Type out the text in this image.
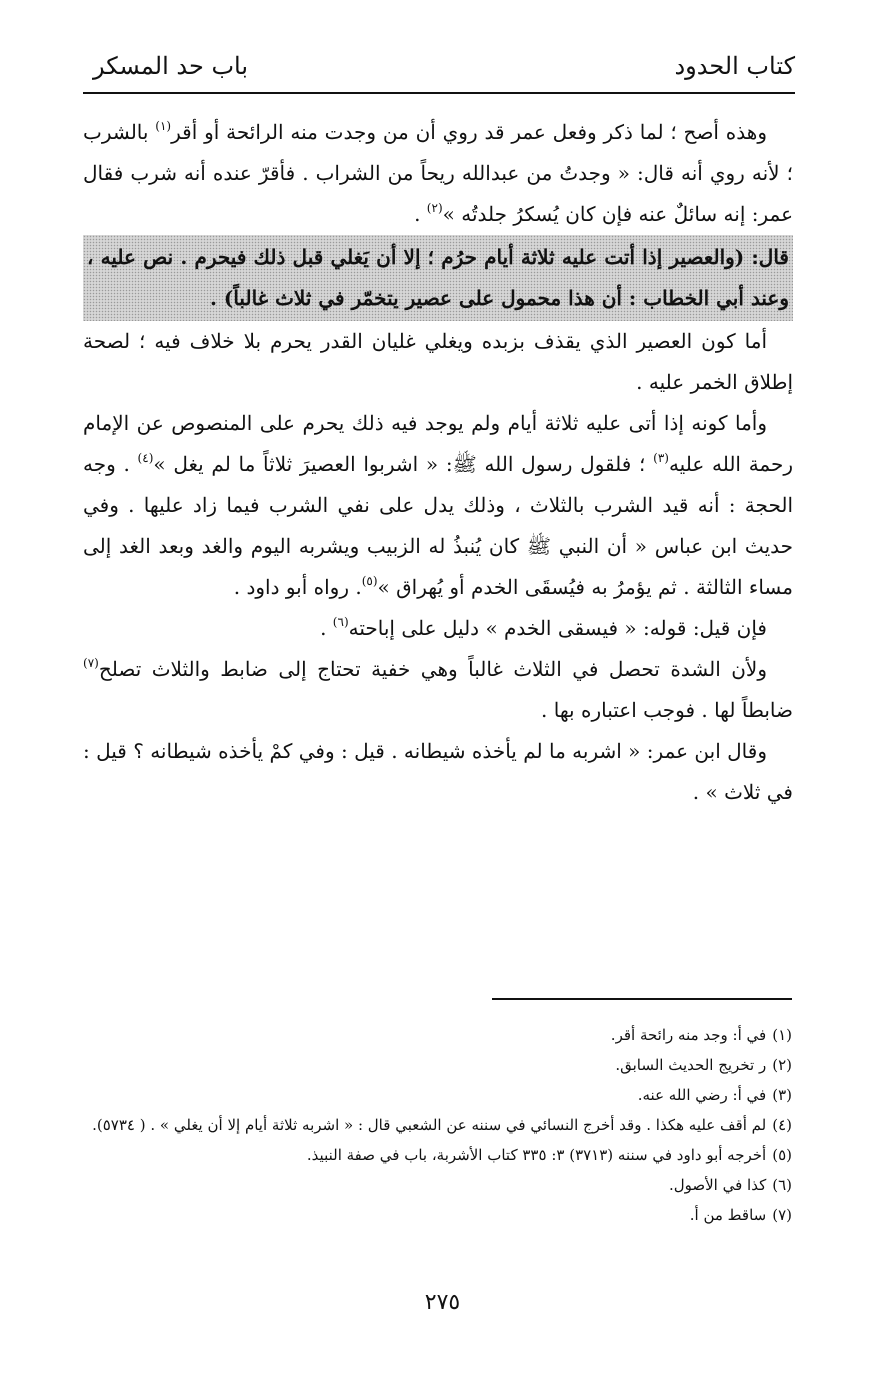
كتاب الحدود
باب حد المسكر

وهذه أصح ؛ لما ذكر وفعل عمر قد روي أن من وجدت منه الرائحة أو أقر$^{(١)}$ بالشرب ؛ لأنه روي أنه قال: « وجدتُ من عبدالله ريحاً من الشراب . فأقرّ عنده أنه شرب فقال عمر: إنه سائلٌ عنه فإن كان يُسكرُ جلدتُه »$^{(٢)}$ .

قال: (والعصير إذا أتت عليه ثلاثة أيام حرُم ؛ إلا أن يَغلي قبل ذلك فيحرم . نص عليه ، وعند أبي الخطاب : أن هذا محمول على عصير يتخمّر في ثلاث غالباً) .

أما كون العصير الذي يقذف بزبده ويغلي غليان القدر يحرم بلا خلاف فيه ؛ لصحة إطلاق الخمر عليه .

وأما كونه إذا أتى عليه ثلاثة أيام ولم يوجد فيه ذلك يحرم على المنصوص عن الإمام رحمة الله عليه$^{(٣)}$ ؛ فلقول رسول الله ﷺ: « اشربوا العصيرَ ثلاثاً ما لم يغل »$^{(٤)}$ . وجه الحجة : أنه قيد الشرب بالثلاث ، وذلك يدل على نفي الشرب فيما زاد عليها . وفي حديث ابن عباس « أن النبي ﷺ كان يُنبذُ له الزبيب ويشربه اليوم والغد وبعد الغد إلى مساء الثالثة . ثم يؤمرُ به فيُسقَى الخدم أو يُهراق »$^{(٥)}$. رواه أبو داود .

فإن قيل: قوله: « فيسقى الخدم » دليل على إباحته$^{(٦)}$ .

ولأن الشدة تحصل في الثلاث غالباً وهي خفية تحتاج إلى ضابط والثلاث تصلح$^{(٧)}$ ضابطاً لها . فوجب اعتباره بها .

وقال ابن عمر: « اشربه ما لم يأخذه شيطانه . قيل : وفي كمْ يأخذه شيطانه ؟ قيل : في ثلاث » .

(١)في أ: وجد منه رائحة أقر.

(٢)ر تخريج الحديث السابق.

(٣)في أ: رضي الله عنه.

(٤)لم أقف عليه هكذا . وقد أخرج النسائي في سننه عن الشعبي قال : « اشربه ثلاثة أيام إلا أن يغلي » . ( ٥٧٣٤).

(٥)أخرجه أبو داود في سننه (٣٧١٣) ٣: ٣٣٥ كتاب الأشربة، باب في صفة النبيذ.

(٦)كذا في الأصول.

(٧)ساقط من أ.

٢٧٥
